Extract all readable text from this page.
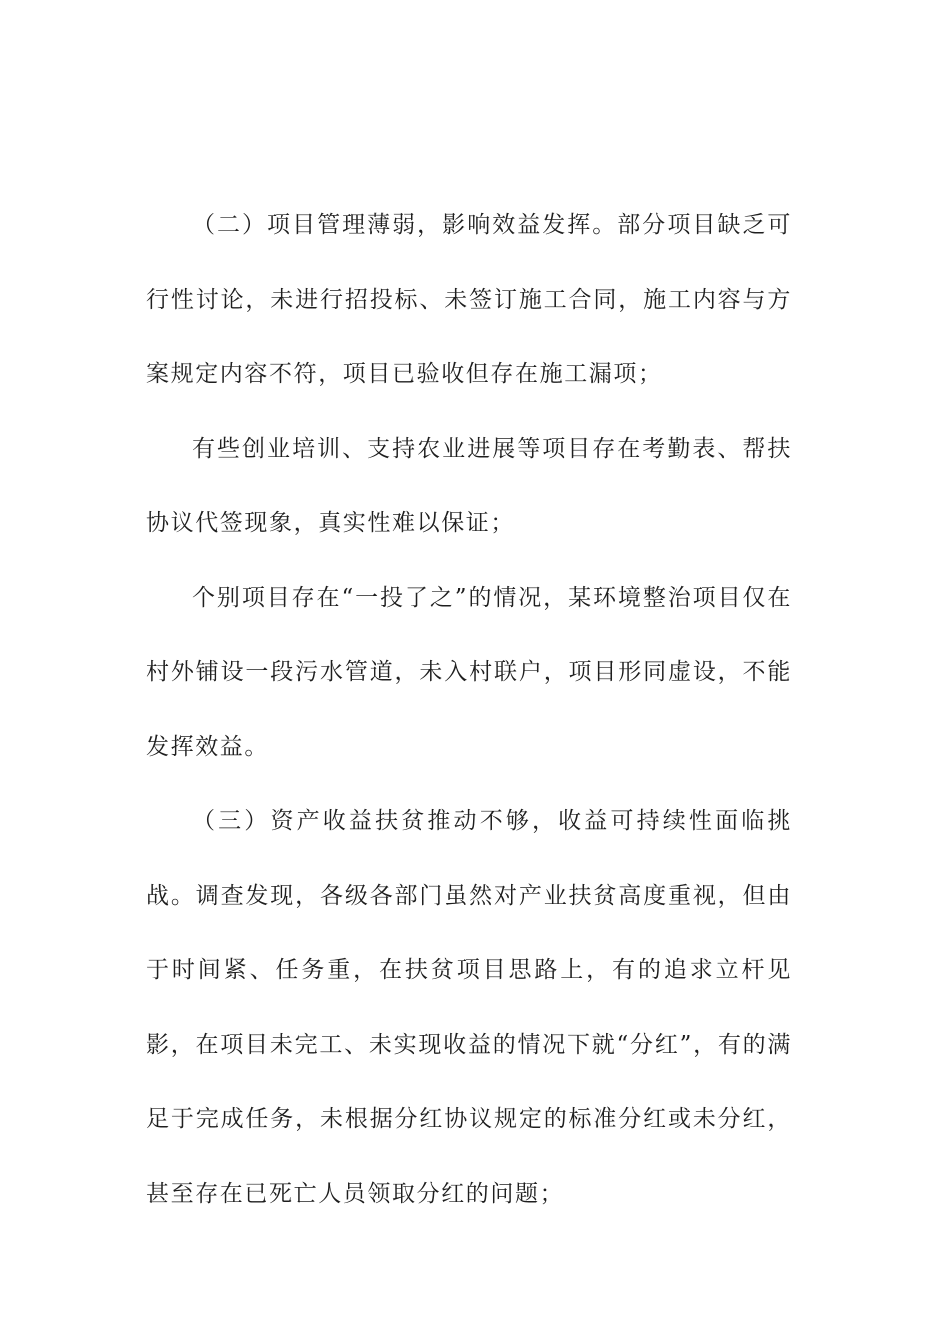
（二）项目管理薄弱，影响效益发挥。部分项目缺乏可行性讨论，未进行招投标、未签订施工合同，施工内容与方案规定内容不符，项目已验收但存在施工漏项；

有些创业培训、支持农业进展等项目存在考勤表、帮扶协议代签现象，真实性难以保证；

个别项目存在“一投了之”的情况，某环境整治项目仅在村外铺设一段污水管道，未入村联户，项目形同虚设，不能发挥效益。

（三）资产收益扶贫推动不够，收益可持续性面临挑战。调查发现，各级各部门虽然对产业扶贫高度重视，但由于时间紧、任务重，在扶贫项目思路上，有的追求立杆见影，在项目未完工、未实现收益的情况下就“分红”，有的满足于完成任务，未根据分红协议规定的标准分红或未分红，甚至存在已死亡人员领取分红的问题；
